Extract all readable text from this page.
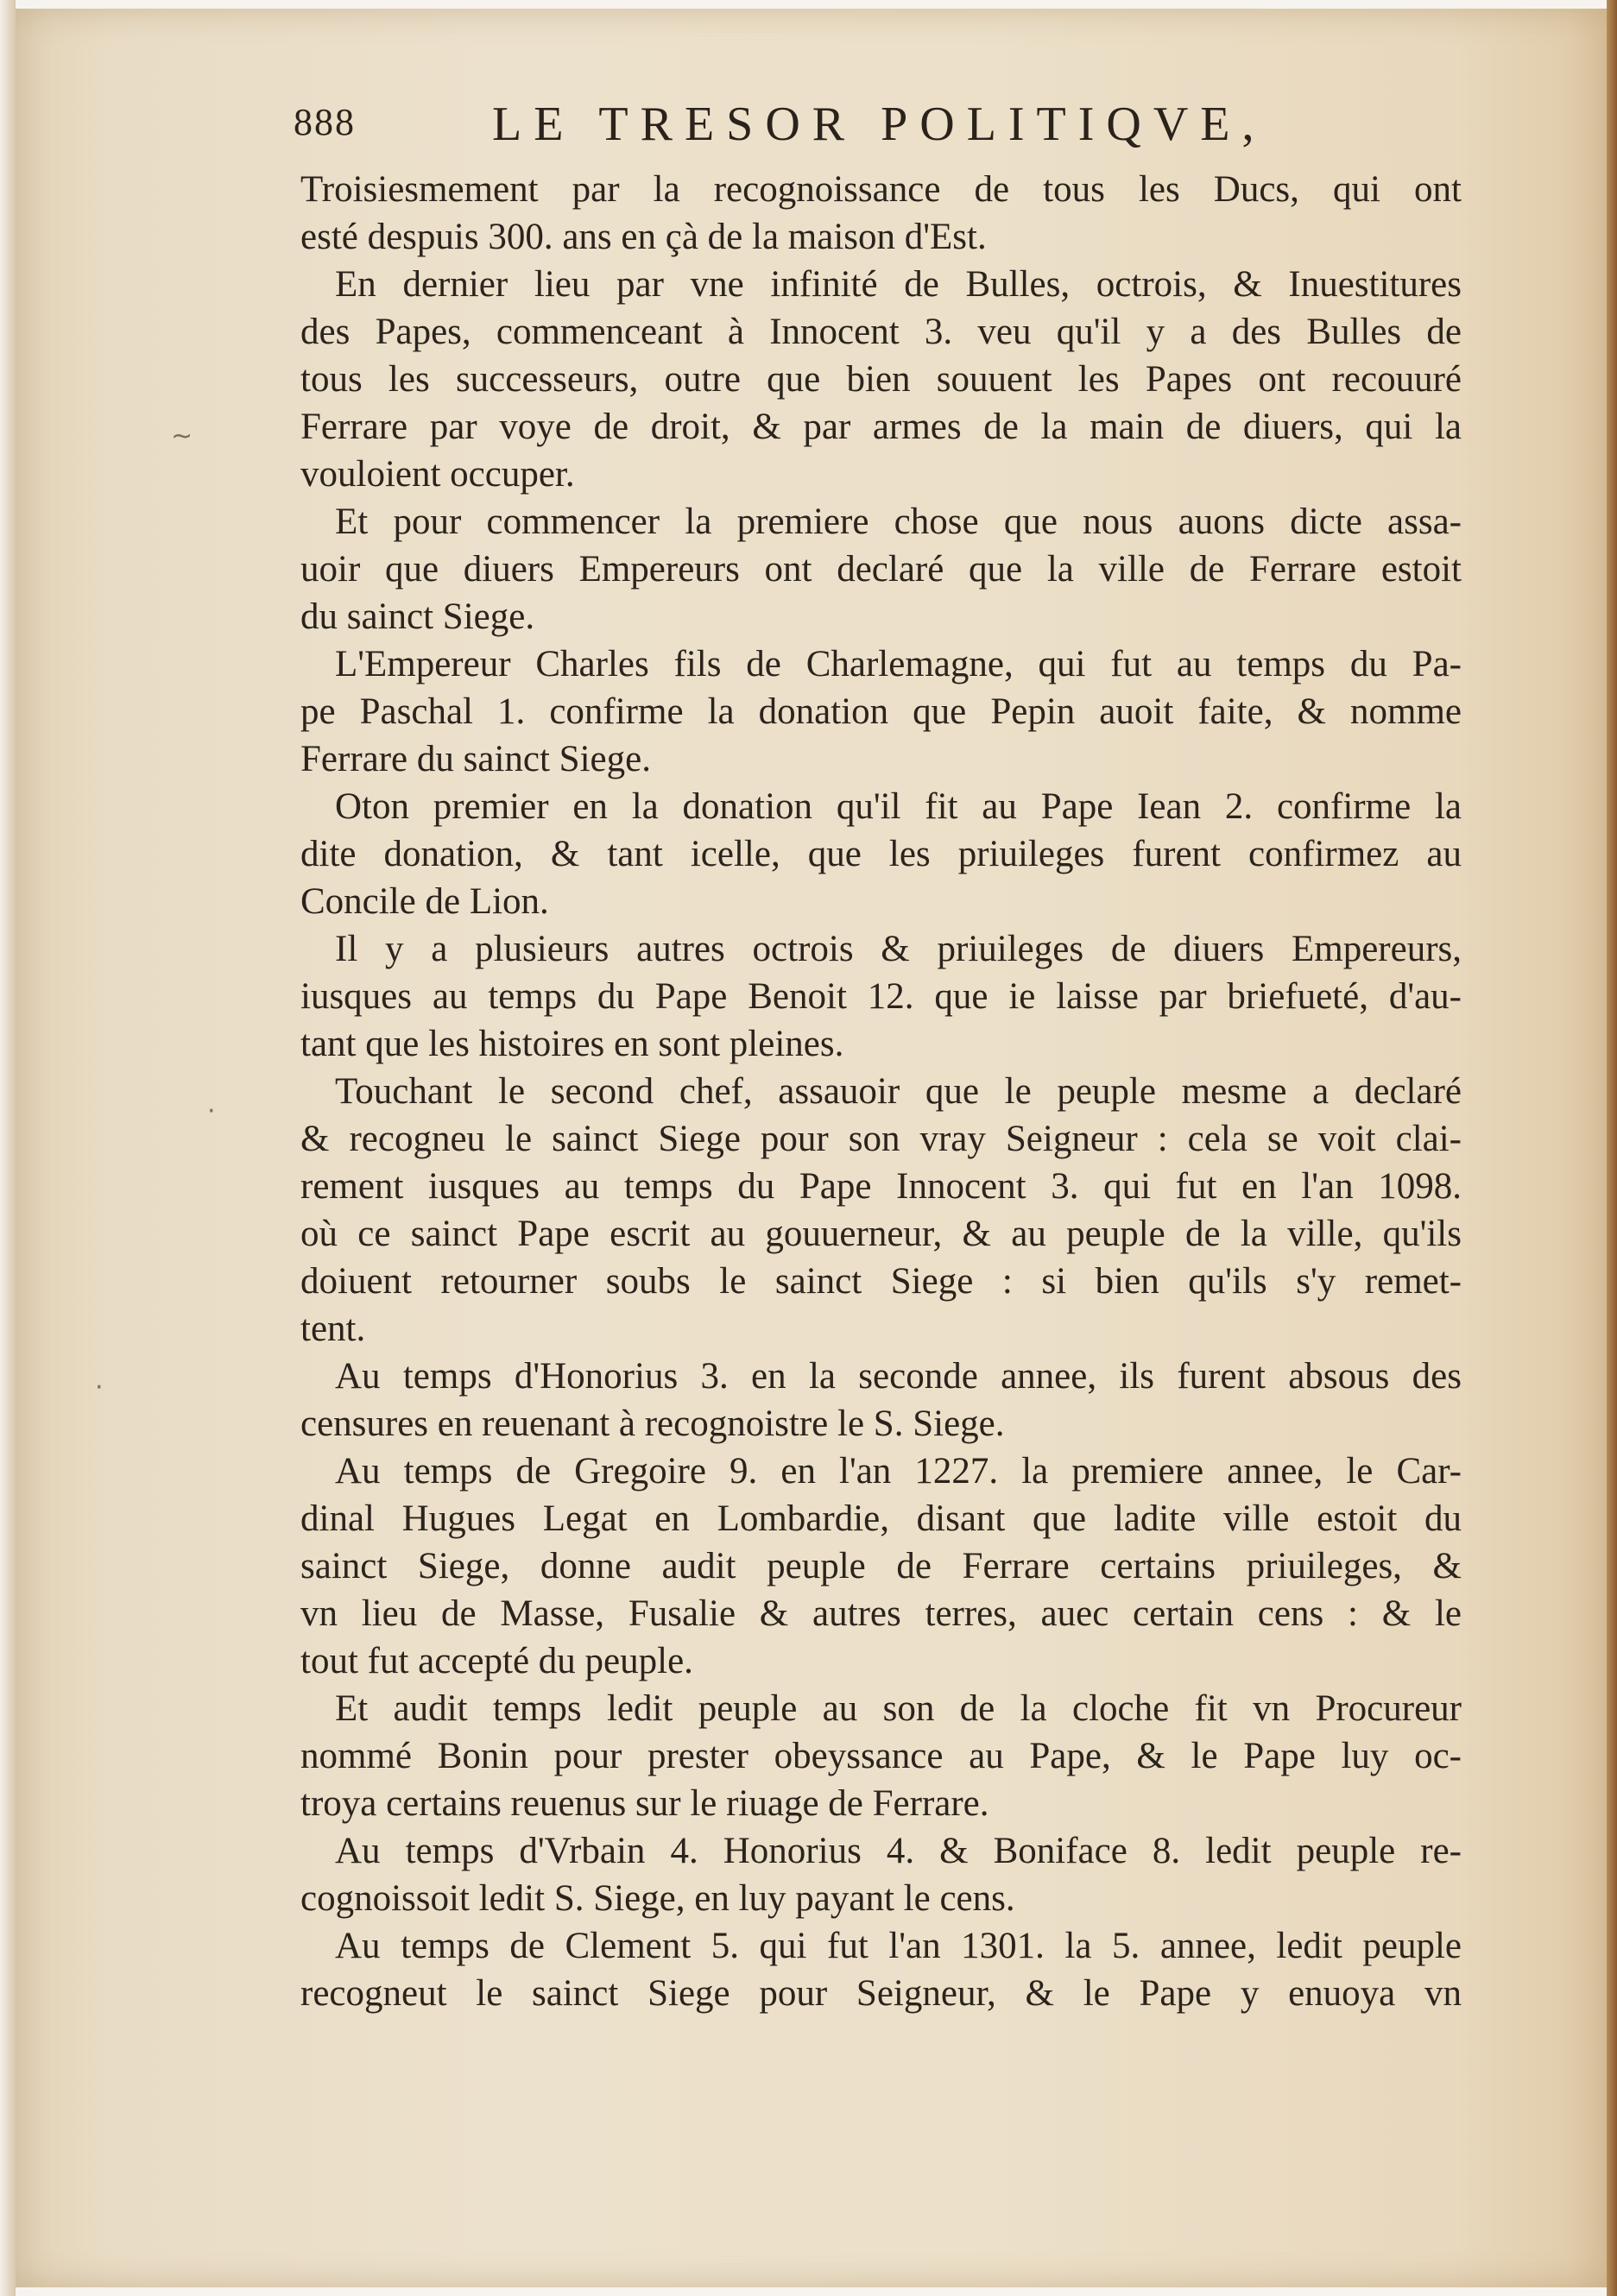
888	LE TRESOR POLITIQVE,
Troisiesmement par la recognoissance de tous les Ducs, qui ont
esté despuis 300. ans en çà de la maison d'Est.
En dernier lieu par vne infinité de Bulles, octrois, & Inuestitures
des Papes, commenceant à Innocent 3. veu qu'il y a des Bulles de
tous les successeurs, outre que bien souuent les Papes ont recouuré
Ferrare par voye de droit, & par armes de la main de diuers, qui la
vouloient occuper.
Et pour commencer la premiere chose que nous auons dicte assa-
uoir que diuers Empereurs ont declaré que la ville de Ferrare estoit
du sainct Siege.
L'Empereur Charles fils de Charlemagne, qui fut au temps du Pa-
pe Paschal 1. confirme la donation que Pepin auoit faite, & nomme
Ferrare du sainct Siege.
Oton premier en la donation qu'il fit au Pape Iean 2. confirme la
dite donation, & tant icelle, que les priuileges furent confirmez au
Concile de Lion.
Il y a plusieurs autres octrois & priuileges de diuers Empereurs,
iusques au temps du Pape Benoit 12. que ie laisse par briefueté, d'au-
tant que les histoires en sont pleines.
Touchant le second chef, assauoir que le peuple mesme a declaré
& recogneu le sainct Siege pour son vray Seigneur : cela se voit clai-
rement iusques au temps du Pape Innocent 3. qui fut en l'an 1098.
où ce sainct Pape escrit au gouuerneur, & au peuple de la ville, qu'ils
doiuent retourner soubs le sainct Siege : si bien qu'ils s'y remet-
tent.
Au temps d'Honorius 3. en la seconde annee, ils furent absous des
censures en reuenant à recognoistre le S. Siege.
Au temps de Gregoire 9. en l'an 1227. la premiere annee, le Car-
dinal Hugues Legat en Lombardie, disant que ladite ville estoit du
sainct Siege, donne audit peuple de Ferrare certains priuileges, &
vn lieu de Masse, Fusalie & autres terres, auec certain cens : & le
tout fut accepté du peuple.
Et audit temps ledit peuple au son de la cloche fit vn Procureur
nommé Bonin pour prester obeyssance au Pape, & le Pape luy oc-
troya certains reuenus sur le riuage de Ferrare.
Au temps d'Vrbain 4. Honorius 4. & Boniface 8. ledit peuple re-
cognoissoit ledit S. Siege, en luy payant le cens.
Au temps de Clement 5. qui fut l'an 1301. la 5. annee, ledit peuple
recogneut le sainct Siege pour Seigneur, & le Pape y enuoya vn
~
·
·
